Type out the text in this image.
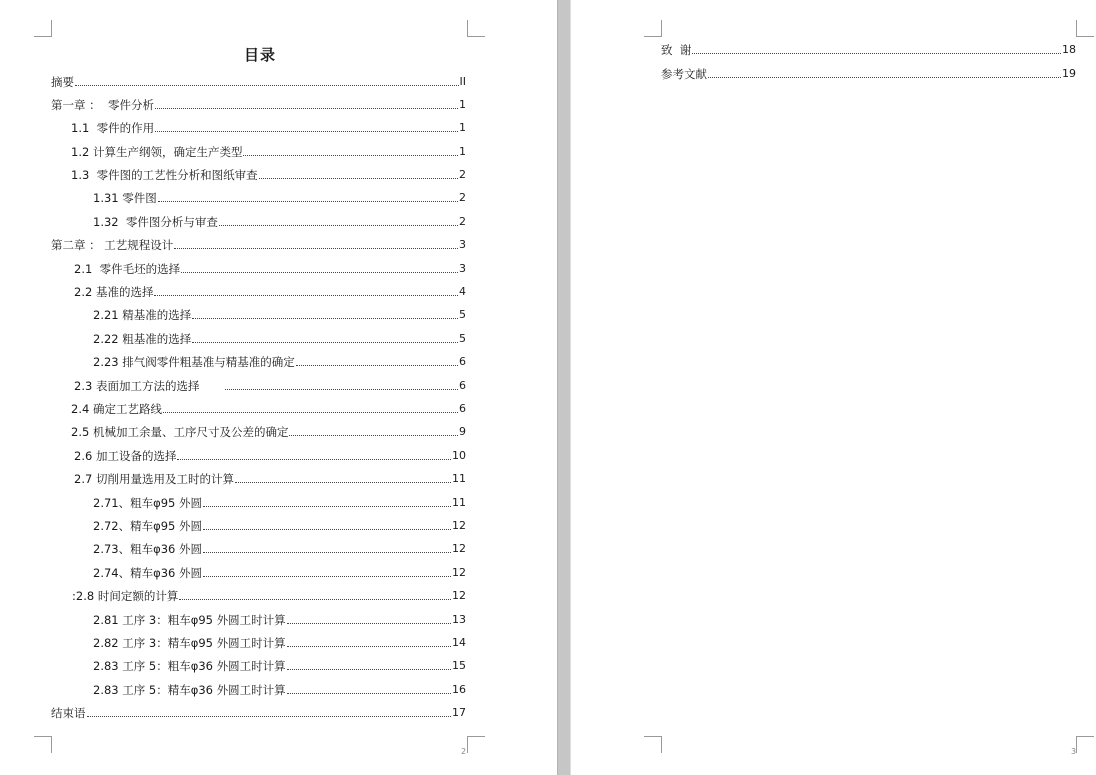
目录
摘要	II
第一章 ：  零件分析	1
1.1  零件的作用	1
1.2 计算生产纲领，确定生产类型	1
1.3  零件图的工艺性分析和图纸审查	2
1.31 零件图	2
1.32  零件图分析与审查	2
第二章 ： 工艺规程设计	3
2.1  零件毛坯的选择	3
2.2 基准的选择	4
2.21 精基准的选择	5
2.22 粗基准的选择	5
2.23 排气阀零件粗基准与精基准的确定	6
2.3 表面加工方法的选择	6
2.4 确定工艺路线	6
2.5 机械加工余量、工序尺寸及公差的确定	9
2.6 加工设备的选择	10
2.7 切削用量选用及工时的计算	11
2.71、粗车φ95 外圆	11
2.72、精车φ95 外圆	12
2.73、粗车φ36 外圆	12
2.74、精车φ36 外圆	12
:2.8 时间定额的计算	12
2.81 工序 3：粗车φ95 外圆工时计算	13
2.82 工序 3：精车φ95 外圆工时计算	14
2.83 工序 5：粗车φ36 外圆工时计算	15
2.83 工序 5：精车φ36 外圆工时计算	16
结束语	17
2
致  谢	18
参考文献	19
3
